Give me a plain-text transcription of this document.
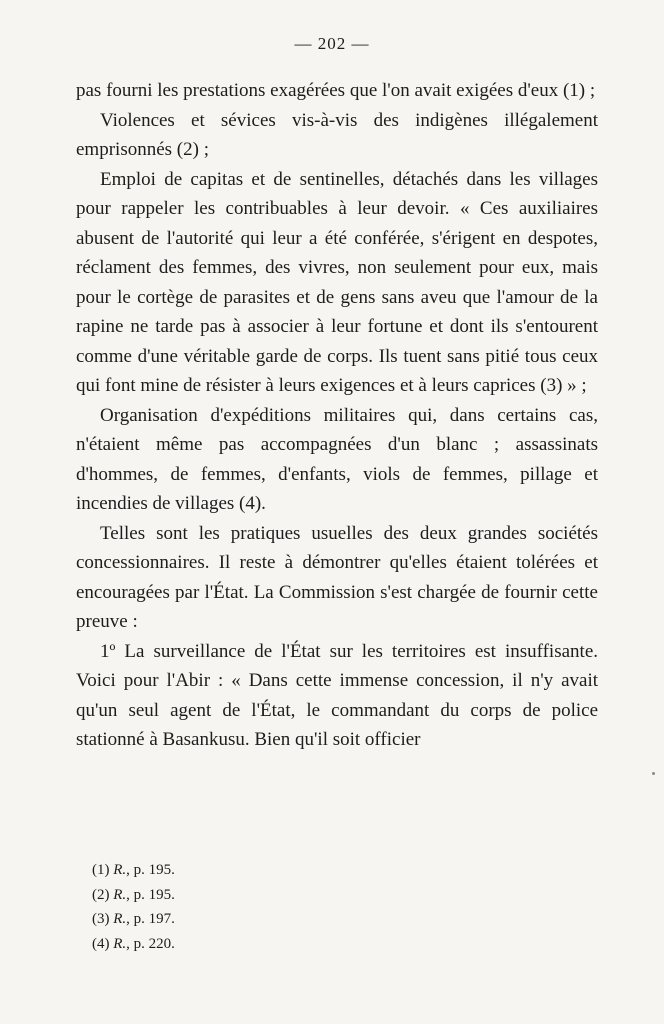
— 202 —

pas fourni les prestations exagérées que l'on avait exigées d'eux (1) ;

Violences et sévices vis-à-vis des indigènes illégalement emprisonnés (2) ;

Emploi de capitas et de sentinelles, détachés dans les villages pour rappeler les contribuables à leur devoir. « Ces auxiliaires abusent de l'autorité qui leur a été conférée, s'érigent en despotes, réclament des femmes, des vivres, non seulement pour eux, mais pour le cortège de parasites et de gens sans aveu que l'amour de la rapine ne tarde pas à associer à leur fortune et dont ils s'entourent comme d'une véritable garde de corps. Ils tuent sans pitié tous ceux qui font mine de résister à leurs exigences et à leurs caprices (3) » ;

Organisation d'expéditions militaires qui, dans certains cas, n'étaient même pas accompagnées d'un blanc ; assassinats d'hommes, de femmes, d'enfants, viols de femmes, pillage et incendies de villages (4).

Telles sont les pratiques usuelles des deux grandes sociétés concessionnaires. Il reste à démontrer qu'elles étaient tolérées et encouragées par l'État. La Commission s'est chargée de fournir cette preuve :

1º La surveillance de l'État sur les territoires est insuffisante. Voici pour l'Abir : « Dans cette immense concession, il n'y avait qu'un seul agent de l'État, le commandant du corps de police stationné à Basankusu. Bien qu'il soit officier

(1) R., p. 195.

(2) R., p. 195.

(3) R., p. 197.

(4) R., p. 220.
